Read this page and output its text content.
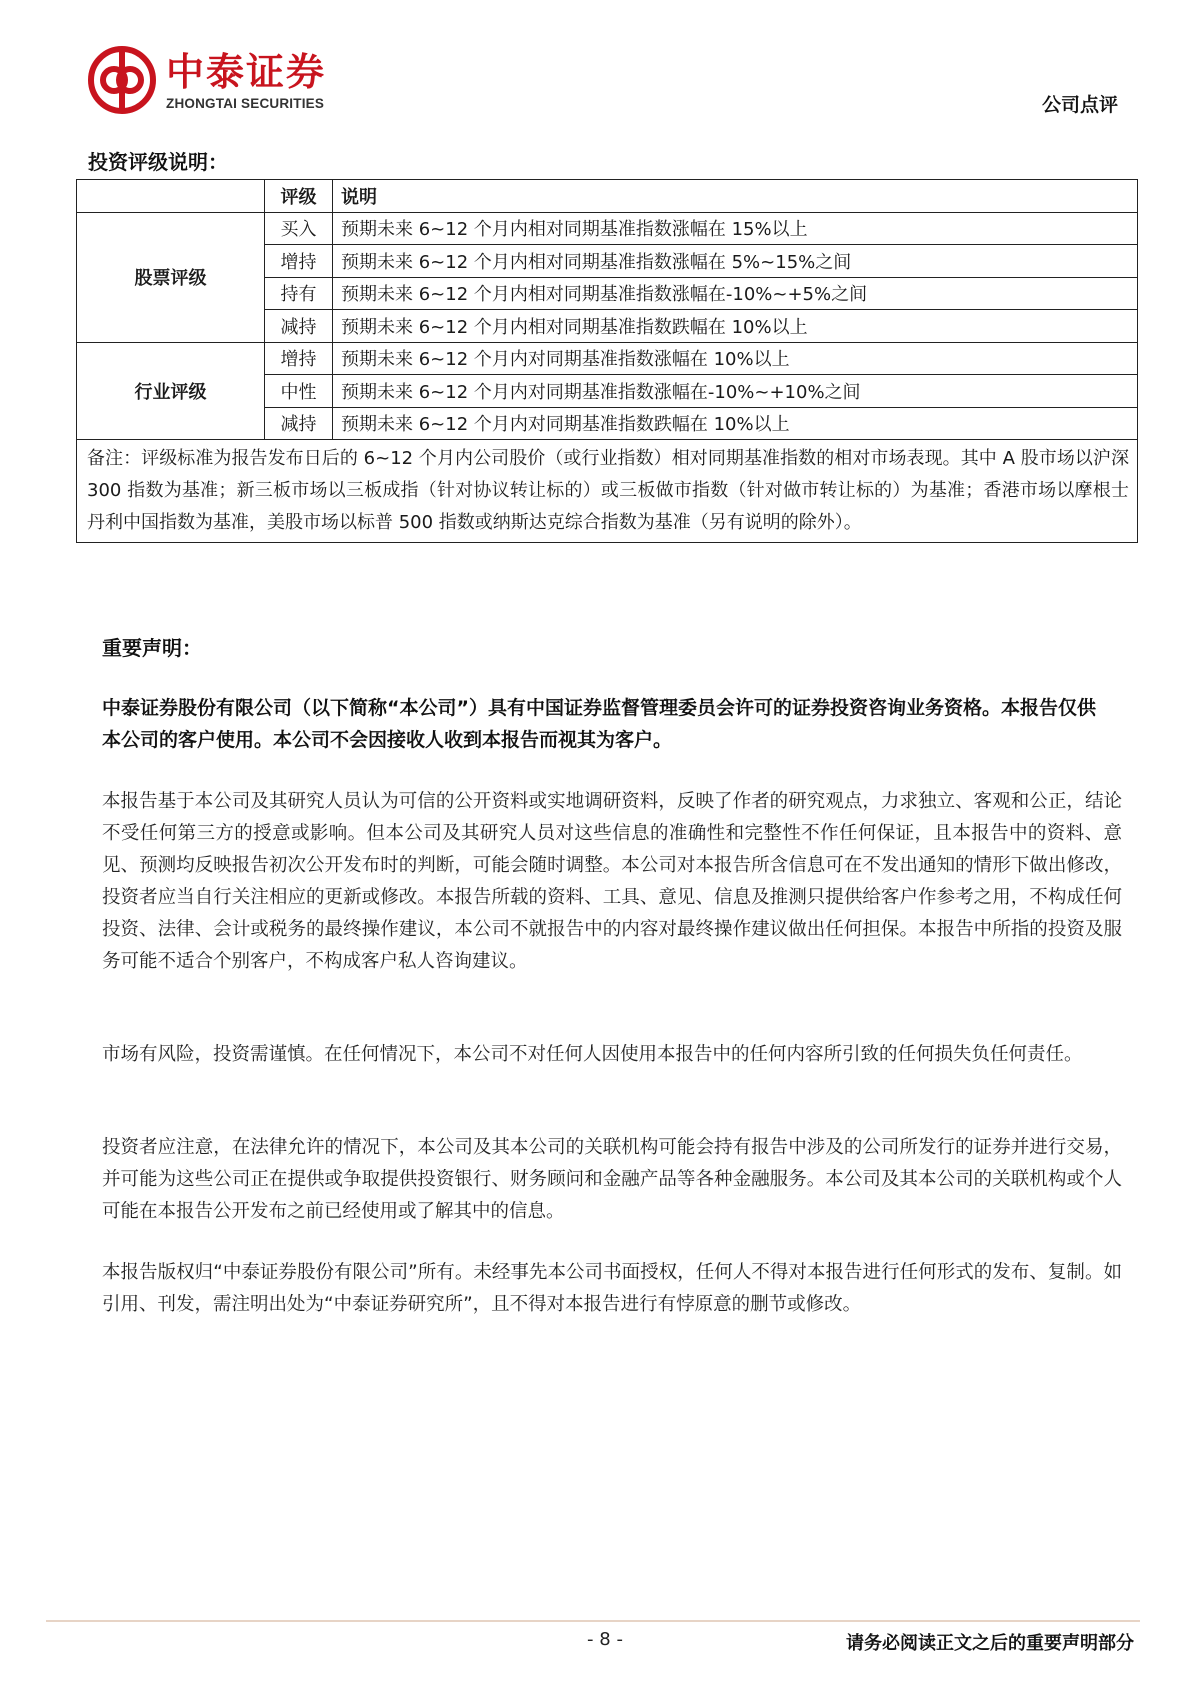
中泰证券
ZHONGTAI SECURITIES	公司点评
投资评级说明：
	评级	说明
股票评级	买入	预期未来 6~12 个月内相对同期基准指数涨幅在 15%以上
	增持	预期未来 6~12 个月内相对同期基准指数涨幅在 5%~15%之间
	持有	预期未来 6~12 个月内相对同期基准指数涨幅在-10%~+5%之间
	减持	预期未来 6~12 个月内相对同期基准指数跌幅在 10%以上
行业评级	增持	预期未来 6~12 个月内对同期基准指数涨幅在 10%以上
	中性	预期未来 6~12 个月内对同期基准指数涨幅在-10%~+10%之间
	减持	预期未来 6~12 个月内对同期基准指数跌幅在 10%以上
备注：评级标准为报告发布日后的 6~12 个月内公司股价（或行业指数）相对同期基准指数的相对市场表现。其中 A 股市场以沪深 300 指数为基准；新三板市场以三板成指（针对协议转让标的）或三板做市指数（针对做市转让标的）为基准；香港市场以摩根士丹利中国指数为基准，美股市场以标普 500 指数或纳斯达克综合指数为基准（另有说明的除外）。		
重要声明：
中泰证券股份有限公司（以下简称“本公司”）具有中国证券监督管理委员会许可的证券投资咨询业务资格。本报告仅供本公司的客户使用。本公司不会因接收人收到本报告而视其为客户。
本报告基于本公司及其研究人员认为可信的公开资料或实地调研资料，反映了作者的研究观点，力求独立、客观和公正，结论不受任何第三方的授意或影响。但本公司及其研究人员对这些信息的准确性和完整性不作任何保证，且本报告中的资料、意见、预测均反映报告初次公开发布时的判断，可能会随时调整。本公司对本报告所含信息可在不发出通知的情形下做出修改，投资者应当自行关注相应的更新或修改。本报告所载的资料、工具、意见、信息及推测只提供给客户作参考之用，不构成任何投资、法律、会计或税务的最终操作建议，本公司不就报告中的内容对最终操作建议做出任何担保。本报告中所指的投资及服务可能不适合个别客户，不构成客户私人咨询建议。
市场有风险，投资需谨慎。在任何情况下，本公司不对任何人因使用本报告中的任何内容所引致的任何损失负任何责任。
投资者应注意，在法律允许的情况下，本公司及其本公司的关联机构可能会持有报告中涉及的公司所发行的证券并进行交易，并可能为这些公司正在提供或争取提供投资银行、财务顾问和金融产品等各种金融服务。本公司及其本公司的关联机构或个人可能在本报告公开发布之前已经使用或了解其中的信息。
本报告版权归“中泰证券股份有限公司”所有。未经事先本公司书面授权，任何人不得对本报告进行任何形式的发布、复制。如引用、刊发，需注明出处为“中泰证券研究所”，且不得对本报告进行有悖原意的删节或修改。
- 8 -	请务必阅读正文之后的重要声明部分
